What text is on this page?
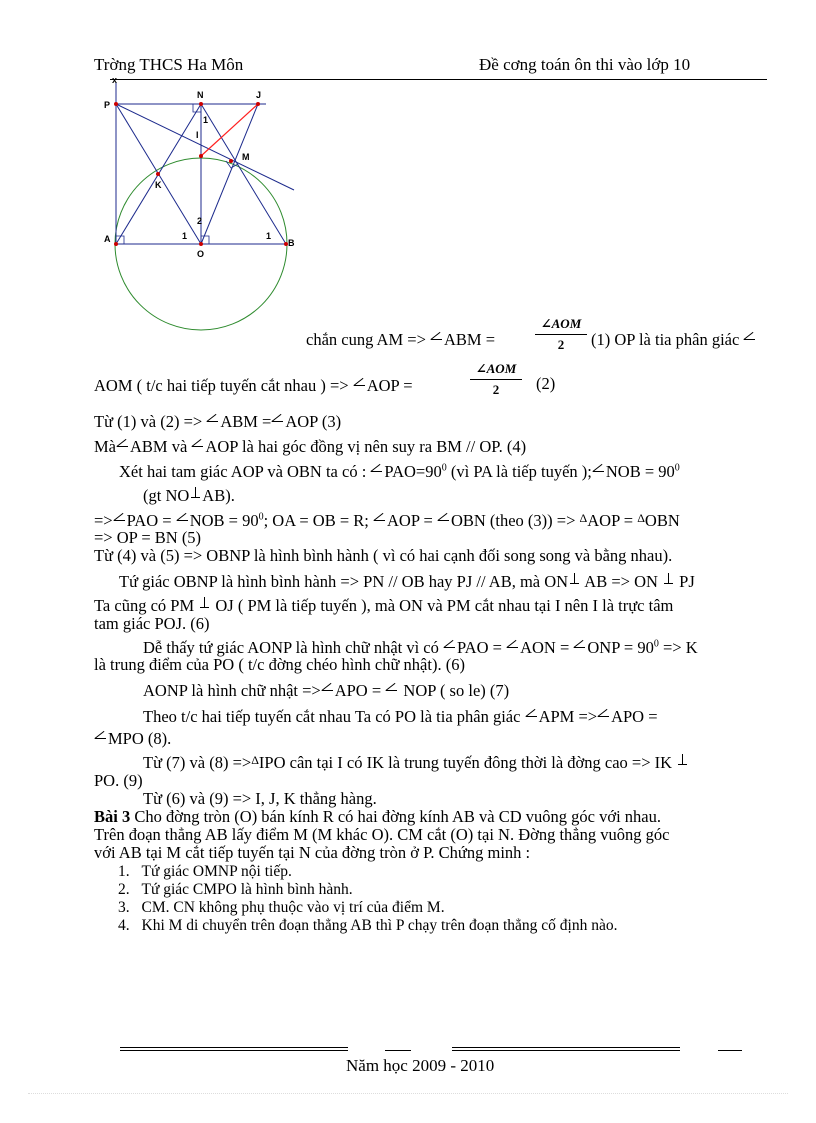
Trờng THCS Ha Môn	Đề cơng toán ôn thi vào lớp 10
x
P
N	J
1
I
M
K
2
A	1	1
O
B
chắn cung AM => ABM =
∠AOM
2	(1) OP là tia phân giác
AOM ( t/c hai tiếp tuyến cắt nhau ) => AOP =
∠AOM
2	(2)
Từ (1) và (2) => ABM = AOP (3)
Mà ABM và AOP là hai góc đồng vị nên suy ra BM // OP. (4)
Xét hai tam giác AOP và OBN ta có : $PAO=90^0$ (vì PA là tiếp tuyến ); NOB = $90^0$
(gt NO AB).
=> PAO = NOB = $90^0$; OA = OB = R; AOP = OBN (theo (3)) => $^\Delta$AOP = $^\Delta$OBN
=> OP = BN (5)
Từ (4) và (5) => OBNP là hình bình hành ( vì có hai cạnh đối song song và bằng nhau).
Tứ giác OBNP là hình bình hành => PN // OB hay PJ // AB, mà ON AB => ON PJ
Ta cũng có PM OJ ( PM là tiếp tuyến ), mà ON và PM cắt nhau tại I nên I là trực tâm
tam giác POJ. (6)
Dễ thấy tứ giác AONP là hình chữ nhật vì có PAO = AON = ONP = $90^0 => K$
là trung điểm của PO ( t/c đờng chéo hình chữ nhật). (6)
AONP là hình chữ nhật => APO = NOP ( so le) (7)
Theo t/c hai tiếp tuyến cắt nhau Ta có PO là tia phân giác APM => APO =
MPO (8).
Từ (7) và (8) =>$^\Delta$IPO cân tại I có IK là trung tuyến đông thời là đờng cao => IK
PO. (9)
Từ (6) và (9) => I, J, K thẳng hàng.
Bài 3 Cho đờng tròn (O) bán kính R có hai đờng kính AB và CD vuông góc với nhau.
Trên đoạn thẳng AB lấy điểm M (M khác O). CM cắt (O) tại N. Đờng thẳng vuông góc
với AB tại M cắt tiếp tuyến tại N của đờng tròn ở P. Chứng minh :
1. Tứ giác OMNP nội tiếp.
2. Tứ giác CMPO là hình bình hành.
3. CM. CN không phụ thuộc vào vị trí của điểm M.
4. Khi M di chuyển trên đoạn thẳng AB thì P chạy trên đoạn thẳng cố định nào.
Năm học 2009 - 2010
